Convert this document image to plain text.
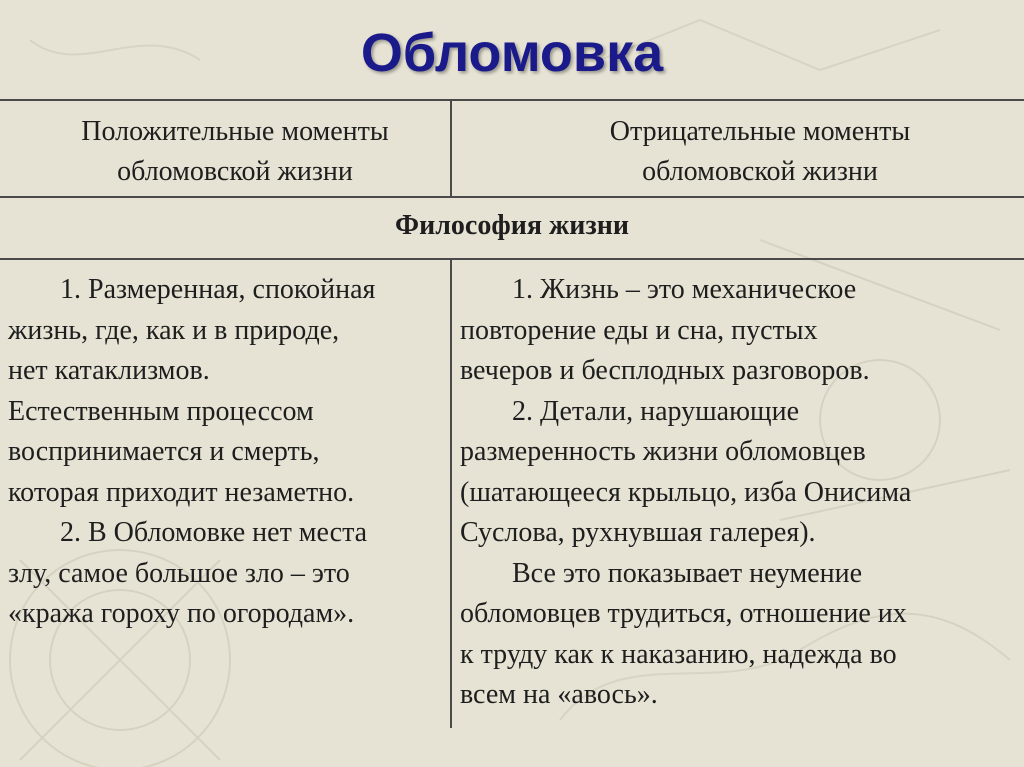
Обломовка
Положительные моменты
обломовской жизни
Отрицательные моменты
обломовской жизни
Философия жизни

1. Размеренная, спокойная
жизнь, где, как и в природе,
нет катаклизмов.
Естественным процессом
воспринимается и смерть,
которая приходит незаметно.

2. В Обломовке нет места
злу, самое большое зло – это
«кража гороху по огородам».

1. Жизнь – это механическое
повторение еды и сна, пустых
вечеров и бесплодных разговоров.

2. Детали, нарушающие
размеренность жизни обломовцев
(шатающееся крыльцо, изба Онисима
Суслова, рухнувшая галерея).

Все это показывает неумение
обломовцев трудиться, отношение их
к труду как к наказанию, надежда во
всем на «авось».
